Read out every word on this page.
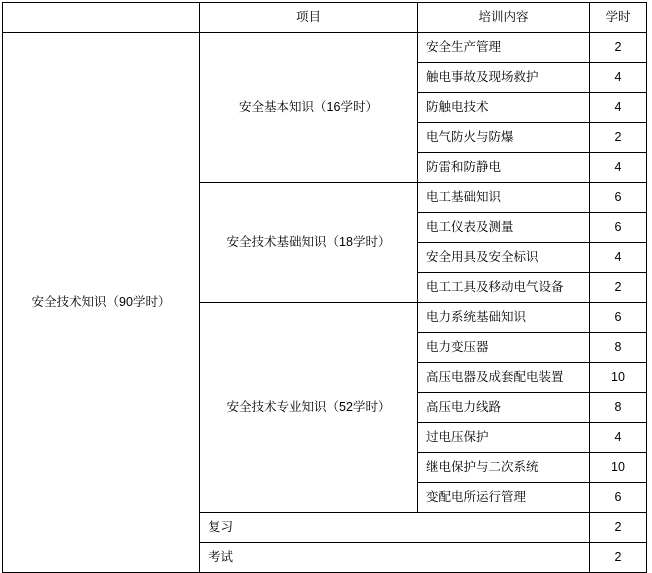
	项目	培训内容	学时
安全技术知识（90学时）	安全基本知识（16学时）	安全生产管理	2
		触电事故及现场救护	4
		防触电技术	4
		电气防火与防爆	2
		防雷和防静电	4
	安全技术基础知识（18学时）	电工基础知识	6
		电工仪表及测量	6
		安全用具及安全标识	4
		电工工具及移动电气设备	2
	安全技术专业知识（52学时）	电力系统基础知识	6
		电力变压器	8
		高压电器及成套配电装置	10
		高压电力线路	8
		过电压保护	4
		继电保护与二次系统	10
		变配电所运行管理	6
	复习		2
	考试		2
